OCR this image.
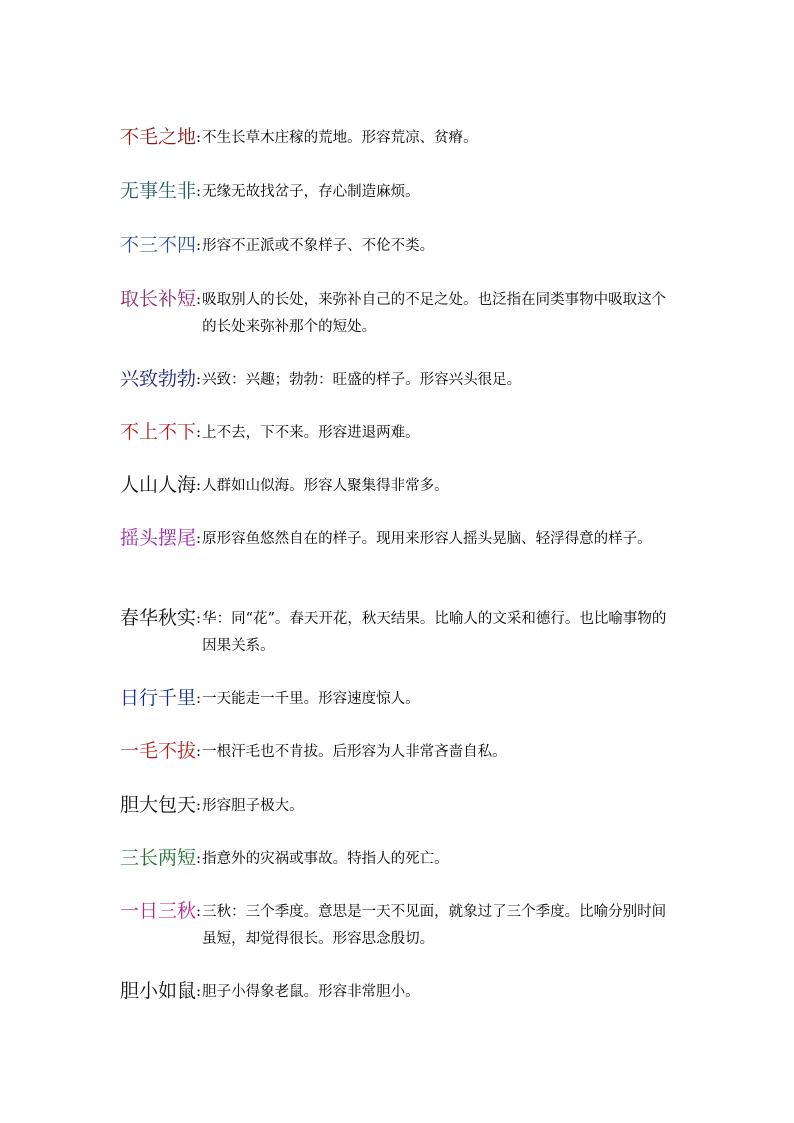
不毛之地 : 不生长草木庄稼的荒地。形容荒凉、贫瘠。
无事生非 : 无缘无故找岔子，存心制造麻烦。
不三不四 : 形容不正派或不象样子、不伦不类。
取长补短 : 吸取别人的长处，来弥补自己的不足之处。也泛指在同类事物中吸取这个的长处来弥补那个的短处。
兴致勃勃 : 兴致：兴趣；勃勃：旺盛的样子。形容兴头很足。
不上不下 : 上不去，下不来。形容进退两难。
人山人海 : 人群如山似海。形容人聚集得非常多。
摇头摆尾 : 原形容鱼悠然自在的样子。现用来形容人摇头晃脑、轻浮得意的样子。
春华秋实 : 华：同“花”。春天开花，秋天结果。比喻人的文采和德行。也比喻事物的因果关系。
日行千里 : 一天能走一千里。形容速度惊人。
一毛不拔 : 一根汗毛也不肯拔。后形容为人非常吝啬自私。
胆大包天 : 形容胆子极大。
三长两短 : 指意外的灾祸或事故。特指人的死亡。
一日三秋 : 三秋：三个季度。意思是一天不见面，就象过了三个季度。比喻分别时间虽短，却觉得很长。形容思念殷切。
胆小如鼠 : 胆子小得象老鼠。形容非常胆小。
